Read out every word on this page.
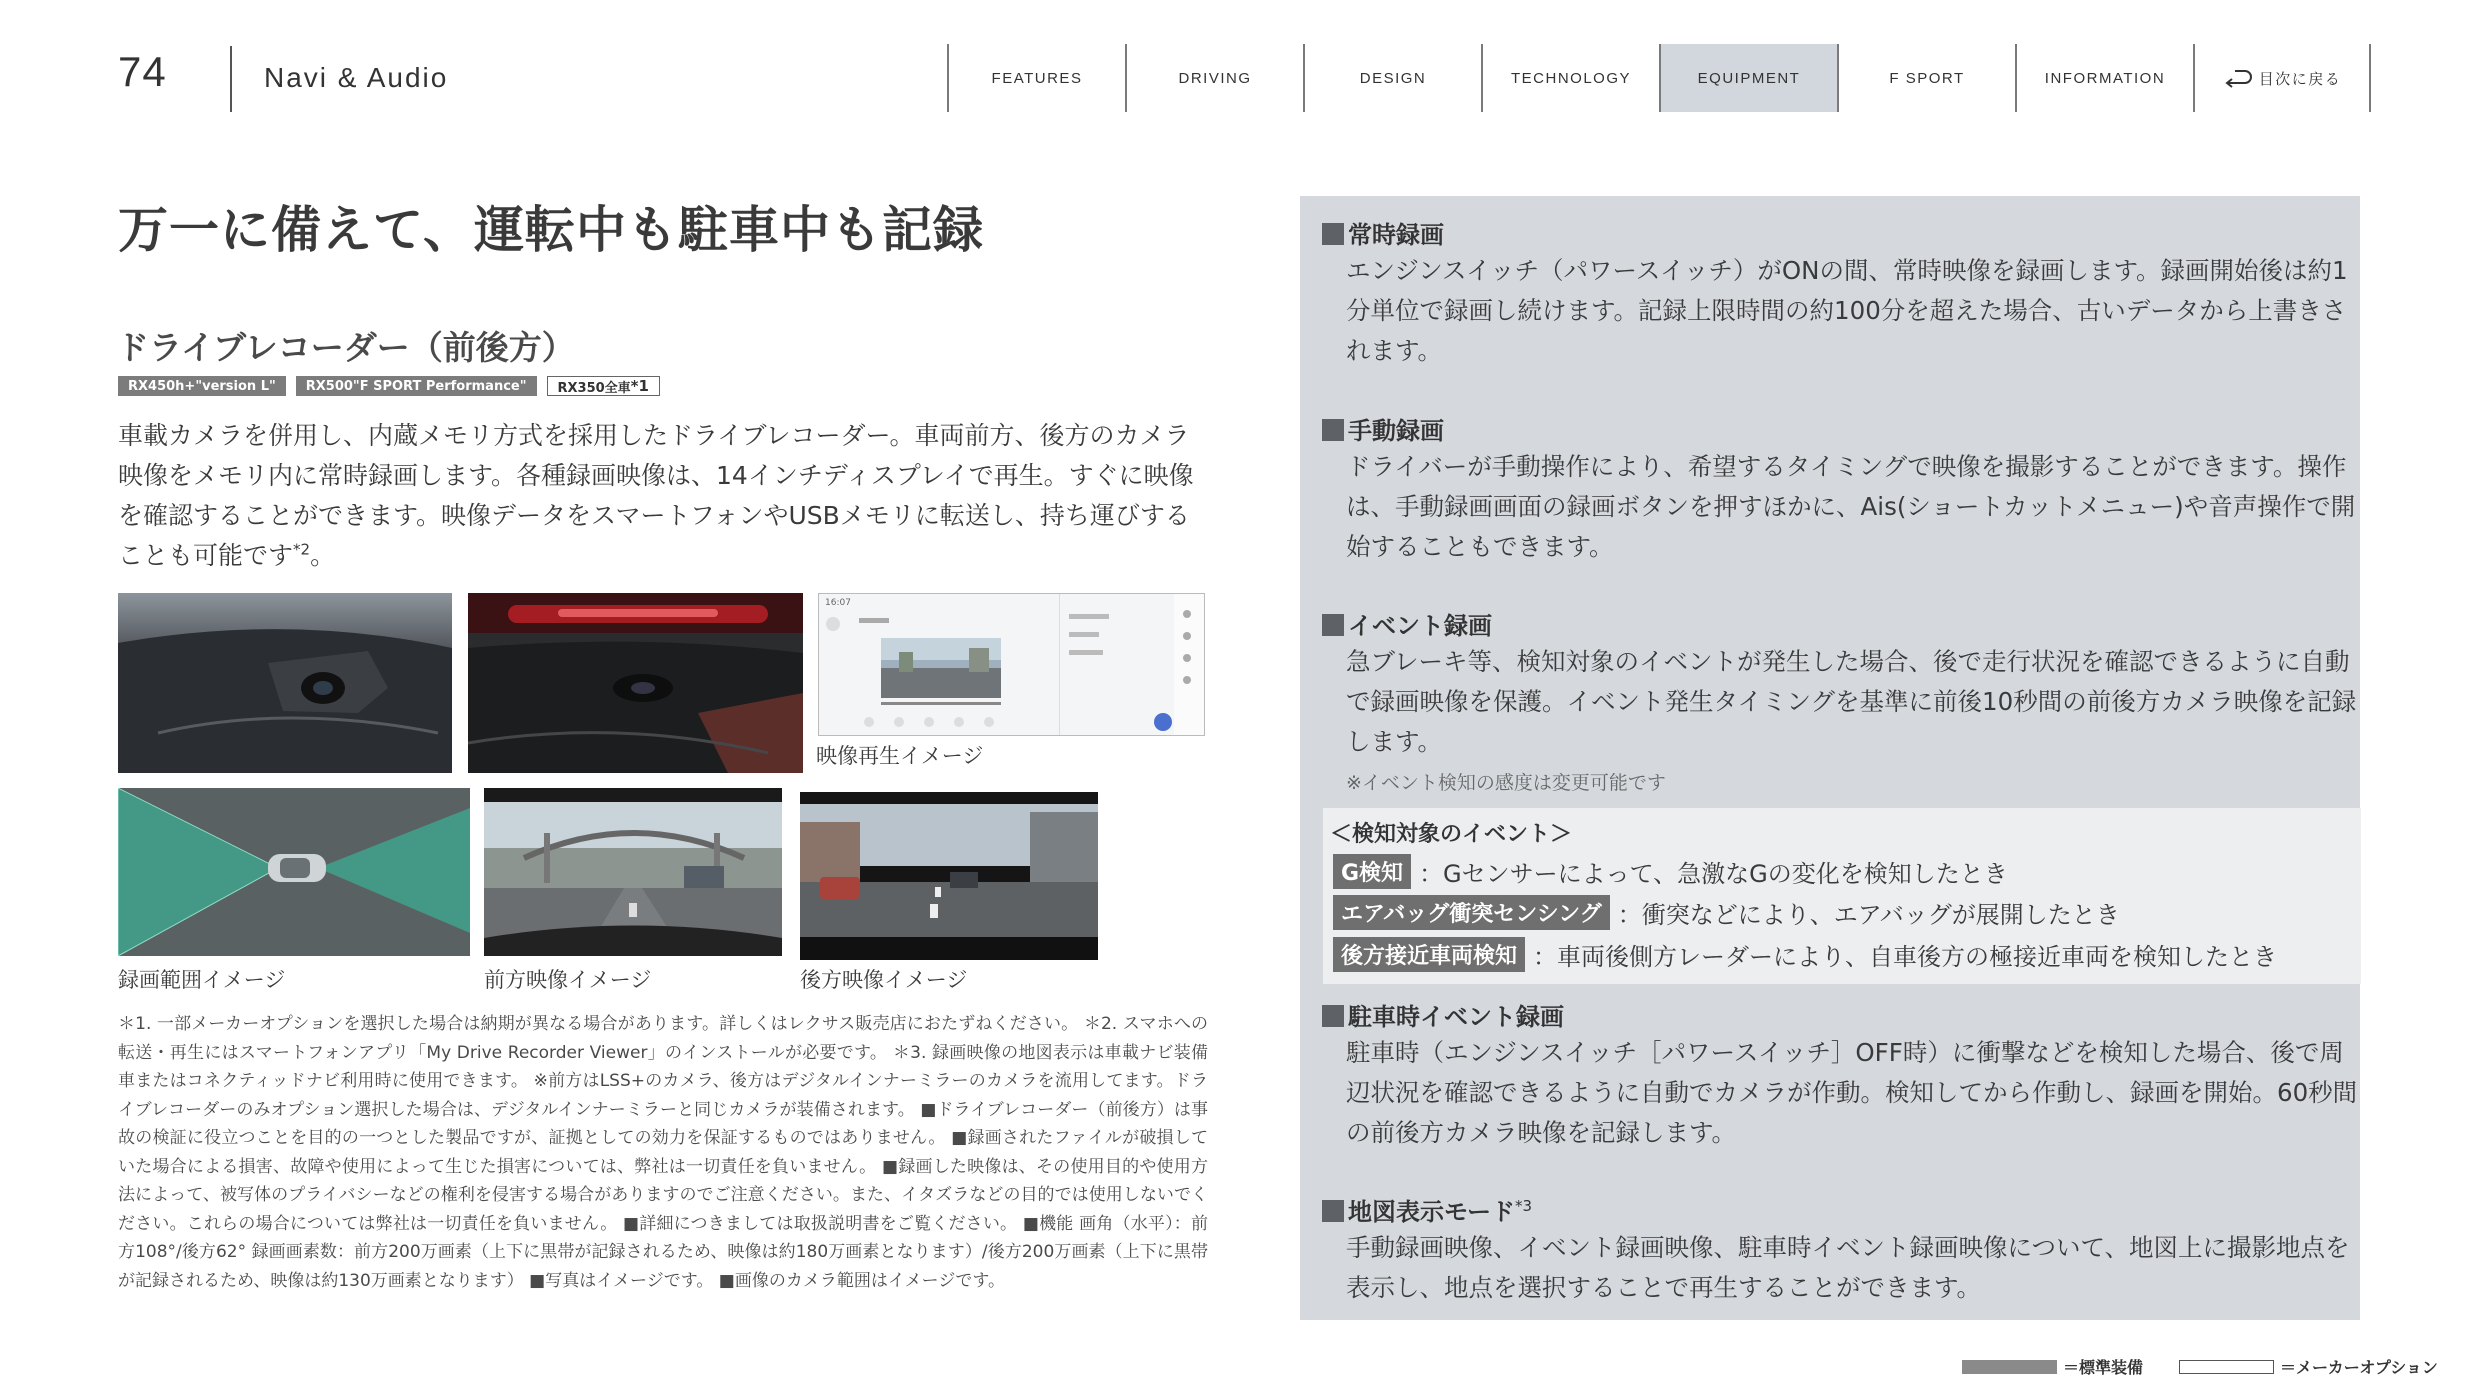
74	Navi & Audio	FEATURES	DRIVING	DESIGN	TECHNOLOGY	EQUIPMENT	F SPORT	INFORMATION	目次に戻る
万一に備えて、運転中も駐車中も記録
ドライブレコーダー（前後方）
RX450h+"version L"	RX500"F SPORT Performance"	RX350全車 *1
車載カメラを併用し、内蔵メモリ方式を採用したドライブレコーダー。車両前方、後方のカメラ映像をメモリ内に常時録画します。各種録画映像は、14インチディスプレイで再生。すぐに映像を確認することができます。映像データをスマートフォンやUSBメモリに転送し、持ち運びすることも可能です$^{*2}$。
16:07
映像再生イメージ
録画範囲イメージ	前方映像イメージ	後方映像イメージ
＊1. 一部メーカーオプションを選択した場合は納期が異なる場合があります。詳しくはレクサス販売店におたずねください。 ＊2. スマホへの転送・再生にはスマートフォンアプリ「My Drive Recorder Viewer」のインストールが必要です。 ＊3. 録画映像の地図表示は車載ナビ装備車またはコネクティッドナビ利用時に使用できます。 ※前方はLSS+のカメラ、後方はデジタルインナーミラーのカメラを流用してます。ドライブレコーダーのみオプション選択した場合は、デジタルインナーミラーと同じカメラが装備されます。 ■ドライブレコーダー（前後方）は事故の検証に役立つことを目的の一つとした製品ですが、証拠としての効力を保証するものではありません。 ■録画されたファイルが破損していた場合による損害、故障や使用によって生じた損害については、弊社は一切責任を負いません。 ■録画した映像は、その使用目的や使用方法によって、被写体のプライバシーなどの権利を侵害する場合がありますのでご注意ください。また、イタズラなどの目的では使用しないでください。これらの場合については弊社は一切責任を負いません。 ■詳細につきましては取扱説明書をご覧ください。 ■機能 画角（水平）：前方108°/後方62° 録画画素数：前方200万画素（上下に黒帯が記録されるため、映像は約180万画素となります）/後方200万画素（上下に黒帯が記録されるため、映像は約130万画素となります） ■写真はイメージです。 ■画像のカメラ範囲はイメージです。
常時録画
エンジンスイッチ（パワースイッチ）がONの間、常時映像を録画します。録画開始後は約1分単位で録画し続けます。記録上限時間の約100分を超えた場合、古いデータから上書きされます。
手動録画
ドライバーが手動操作により、希望するタイミングで映像を撮影することができます。操作は、手動録画画面の録画ボタンを押すほかに、Ais(ショートカットメニュー)や音声操作で開始することもできます。
イベント録画
急ブレーキ等、検知対象のイベントが発生した場合、後で走行状況を確認できるように自動で録画映像を保護。イベント発生タイミングを基準に前後10秒間の前後方カメラ映像を記録します。
※イベント検知の感度は変更可能です
＜検知対象のイベント＞
G検知 ：Gセンサーによって、急激なGの変化を検知したとき
エアバッグ衝突センシング ：衝突などにより、エアバッグが展開したとき
後方接近車両検知 ：車両後側方レーダーにより、自車後方の極接近車両を検知したとき
駐車時イベント録画
駐車時（エンジンスイッチ［パワースイッチ］OFF時）に衝撃などを検知した場合、後で周辺状況を確認できるように自動でカメラが作動。検知してから作動し、録画を開始。60秒間の前後方カメラ映像を記録します。
地図表示モード$^{*3}$
手動録画映像、イベント録画映像、駐車時イベント録画映像について、地図上に撮影地点を表示し、地点を選択することで再生することができます。
＝標準装備	＝メーカーオプション
